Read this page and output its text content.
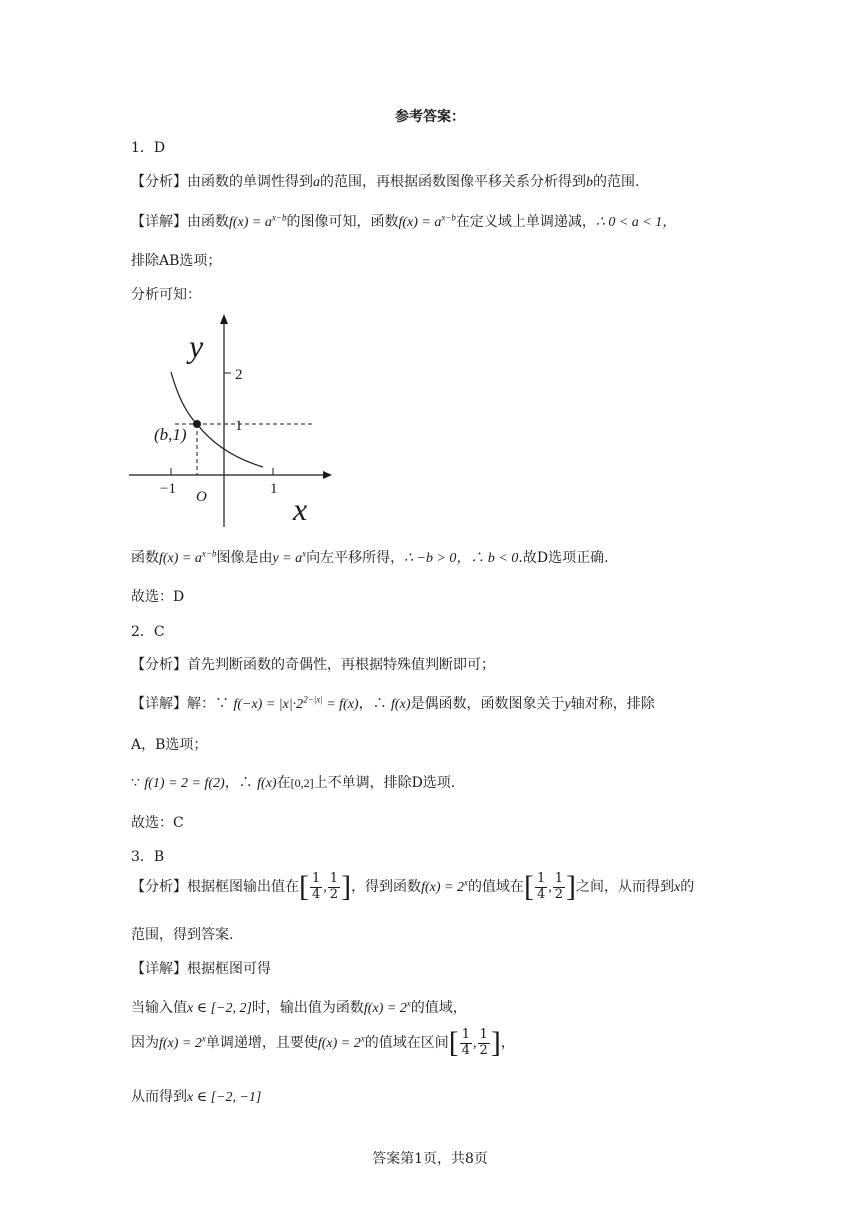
参考答案：
1．D
【分析】由函数的单调性得到a的范围，再根据函数图像平移关系分析得到b的范围.
【详解】由函数$f(x) = a^{x-b}$的图像可知，函数$f(x) = a^{x-b}$在定义域上单调递减，∴ 0 < a < 1，
排除AB选项；
分析可知：
y
x
O
2
1
−1	1
(b,1)
函数$f(x) = a^{x-b}$图像是由$y = a^x$向左平移所得，∴ −b > 0，∴ b < 0.故D选项正确.
故选：D
2．C
【分析】首先判断函数的奇偶性，再根据特殊值判断即可；
【详解】解：∵ $f(-x) = |x|\cdot 2^{2-|x|} = f(x)$，∴ f(x)是偶函数，函数图象关于y轴对称，排除
A，B选项；
∵ f(1) = 2 = f(2)，∴ f(x)在[0,2]上不单调，排除D选项.
故选：C
3．B
【分析】根据框图输出值在[ $\frac{1}{4}$ , $\frac{1}{2}$ ]，得到函数$f(x) = 2^x$的值域在[ $\frac{1}{4}$ , $\frac{1}{2}$ ]之间，从而得到x的
范围，得到答案.
【详解】根据框图可得
当输入值x ∈ [−2, 2]时，输出值为函数$f(x) = 2^x$的值域，
因为$f(x) = 2^x$单调递增，且要使$f(x) = 2^x$的值域在区间[ $\frac{1}{4}$ , $\frac{1}{2}$ ]，
从而得到x ∈ [−2, −1]
答案第1页，共8页
